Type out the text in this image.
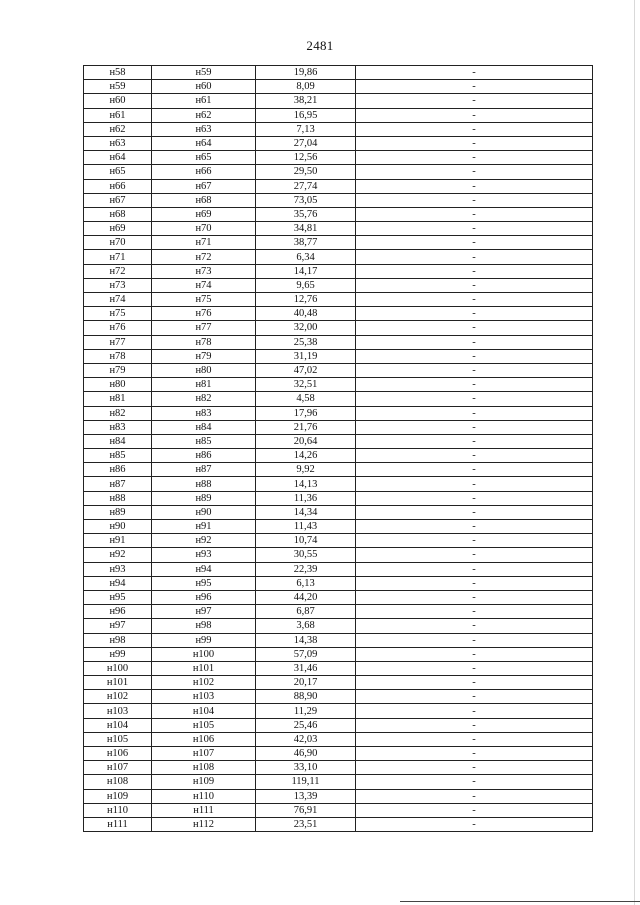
2481
н58	н59	19,86	-
н59	н60	8,09	-
н60	н61	38,21	-
н61	н62	16,95	-
н62	н63	7,13	-
н63	н64	27,04	-
н64	н65	12,56	-
н65	н66	29,50	-
н66	н67	27,74	-
н67	н68	73,05	-
н68	н69	35,76	-
н69	н70	34,81	-
н70	н71	38,77	-
н71	н72	6,34	-
н72	н73	14,17	-
н73	н74	9,65	-
н74	н75	12,76	-
н75	н76	40,48	-
н76	н77	32,00	-
н77	н78	25,38	-
н78	н79	31,19	-
н79	н80	47,02	-
н80	н81	32,51	-
н81	н82	4,58	-
н82	н83	17,96	-
н83	н84	21,76	-
н84	н85	20,64	-
н85	н86	14,26	-
н86	н87	9,92	-
н87	н88	14,13	-
н88	н89	11,36	-
н89	н90	14,34	-
н90	н91	11,43	-
н91	н92	10,74	-
н92	н93	30,55	-
н93	н94	22,39	-
н94	н95	6,13	-
н95	н96	44,20	-
н96	н97	6,87	-
н97	н98	3,68	-
н98	н99	14,38	-
н99	н100	57,09	-
н100	н101	31,46	-
н101	н102	20,17	-
н102	н103	88,90	-
н103	н104	11,29	-
н104	н105	25,46	-
н105	н106	42,03	-
н106	н107	46,90	-
н107	н108	33,10	-
н108	н109	119,11	-
н109	н110	13,39	-
н110	н111	76,91	-
н111	н112	23,51	-
